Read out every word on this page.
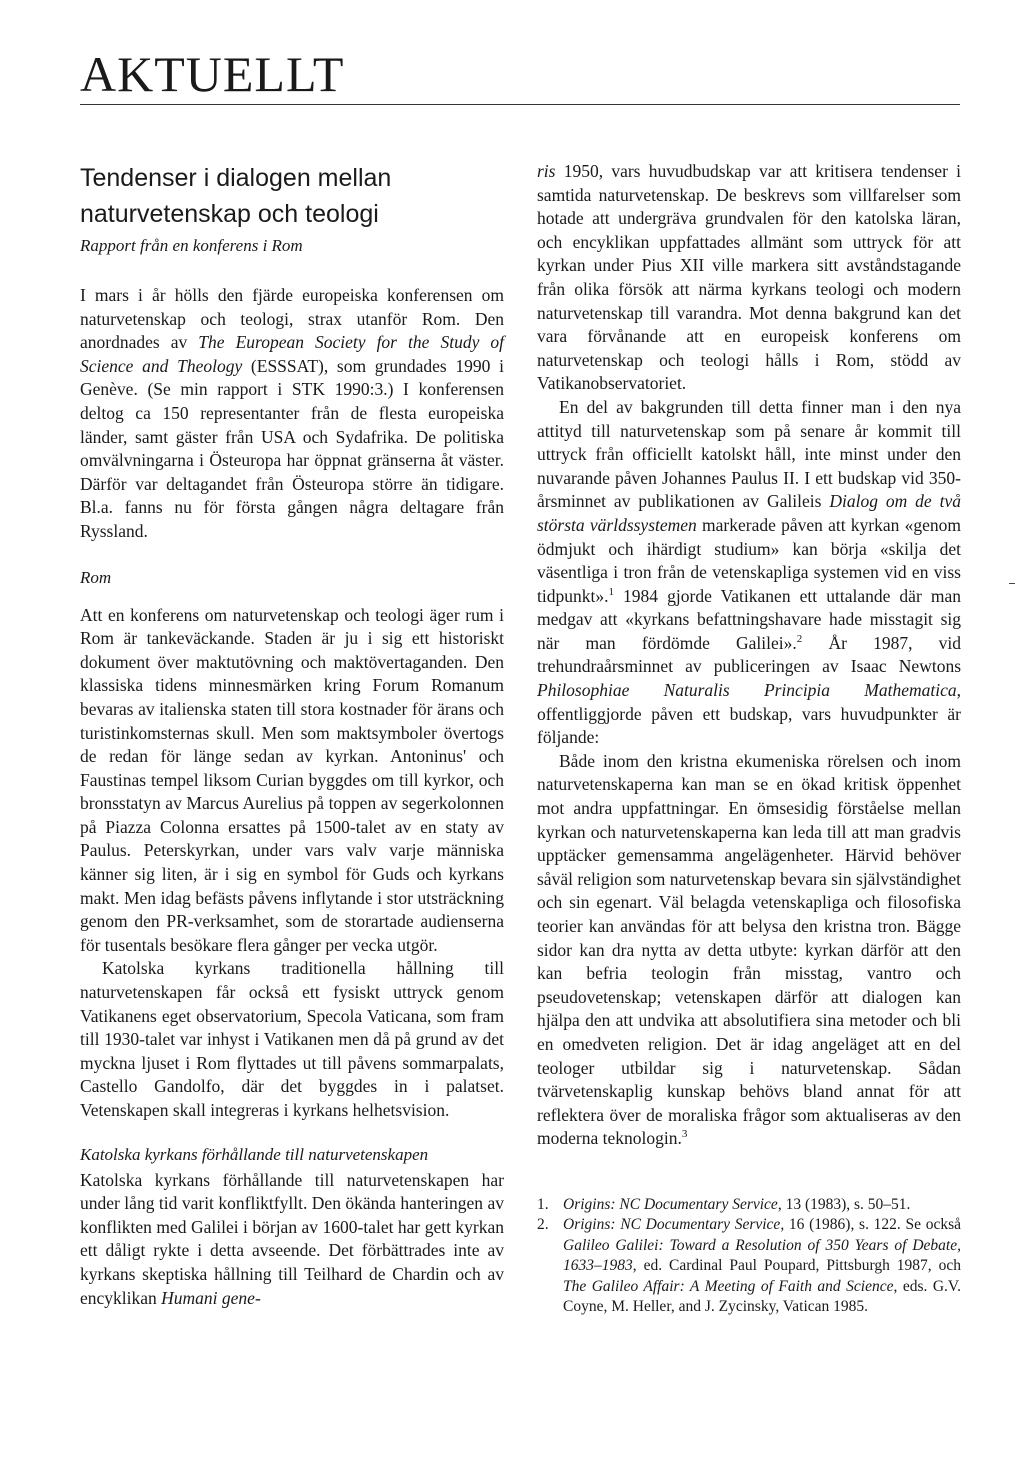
AKTUELLT
Tendenser i dialogen mellan
naturvetenskap och teologi

Rapport från en konferens i Rom

I mars i år hölls den fjärde europeiska konferensen om naturvetenskap och teologi, strax utanför Rom. Den anordnades av The European Society for the Study of Science and Theology (ESSSAT), som grundades 1990 i Genève. (Se min rapport i STK 1990:3.) I konferensen deltog ca 150 representanter från de flesta europeiska länder, samt gäster från USA och Sydafrika. De politiska omvälvningarna i Östeuropa har öppnat gränserna åt väster. Därför var deltagandet från Östeuropa större än tidigare. Bl.a. fanns nu för första gången några deltagare från Ryssland.

Rom

Att en konferens om naturvetenskap och teologi äger rum i Rom är tankeväckande. Staden är ju i sig ett historiskt dokument över maktutövning och maktövertaganden. Den klassiska tidens minnesmärken kring Forum Romanum bevaras av italienska staten till stora kostnader för ärans och turistinkomsternas skull. Men som maktsymboler övertogs de redan för länge sedan av kyrkan. Antoninus' och Faustinas tempel liksom Curian byggdes om till kyrkor, och bronsstatyn av Marcus Aurelius på toppen av segerkolonnen på Piazza Colonna ersattes på 1500-talet av en staty av Paulus. Peterskyrkan, under vars valv varje människa känner sig liten, är i sig en symbol för Guds och kyrkans makt. Men idag befästs påvens inflytande i stor utsträckning genom den PR-verksamhet, som de storartade audienserna för tusentals besökare flera gånger per vecka utgör.

Katolska kyrkans traditionella hållning till naturvetenskapen får också ett fysiskt uttryck genom Vatikanens eget observatorium, Specola Vaticana, som fram till 1930-talet var inhyst i Vatikanen men då på grund av det myckna ljuset i Rom flyttades ut till påvens sommarpalats, Castello Gandolfo, där det byggdes in i palatset. Vetenskapen skall integreras i kyrkans helhetsvision.

Katolska kyrkans förhållande till naturvetenskapen

Katolska kyrkans förhållande till naturvetenskapen har under lång tid varit konfliktfyllt. Den ökända hanteringen av konflikten med Galilei i början av 1600-talet har gett kyrkan ett dåligt rykte i detta avseende. Det förbättrades inte av kyrkans skeptiska hållning till Teilhard de Chardin och av encyklikan Humani gene-

ris 1950, vars huvudbudskap var att kritisera tendenser i samtida naturvetenskap. De beskrevs som villfarelser som hotade att undergräva grundvalen för den katolska läran, och encyklikan uppfattades allmänt som uttryck för att kyrkan under Pius XII ville markera sitt avståndstagande från olika försök att närma kyrkans teologi och modern naturvetenskap till varandra. Mot denna bakgrund kan det vara förvånande att en europeisk konferens om naturvetenskap och teologi hålls i Rom, stödd av Vatikanobservatoriet.

En del av bakgrunden till detta finner man i den nya attityd till naturvetenskap som på senare år kommit till uttryck från officiellt katolskt håll, inte minst under den nuvarande påven Johannes Paulus II. I ett budskap vid 350-årsminnet av publikationen av Galileis Dialog om de två största världssystemen markerade påven att kyrkan «genom ödmjukt och ihärdigt studium» kan börja «skilja det väsentliga i tron från de vetenskapliga systemen vid en viss tidpunkt».$^1$ 1984 gjorde Vatikanen ett uttalande där man medgav att «kyrkans befattningshavare hade misstagit sig när man fördömde Galilei».$^2$ År 1987, vid trehundraårsminnet av publiceringen av Isaac Newtons Philosophiae Naturalis Principia Mathematica, offentliggjorde påven ett budskap, vars huvudpunkter är följande:

Både inom den kristna ekumeniska rörelsen och inom naturvetenskaperna kan man se en ökad kritisk öppenhet mot andra uppfattningar. En ömsesidig förståelse mellan kyrkan och naturvetenskaperna kan leda till att man gradvis upptäcker gemensamma angelägenheter. Härvid behöver såväl religion som naturvetenskap bevara sin självständighet och sin egenart. Väl belagda vetenskapliga och filosofiska teorier kan användas för att belysa den kristna tron. Bägge sidor kan dra nytta av detta utbyte: kyrkan därför att den kan befria teologin från misstag, vantro och pseudovetenskap; vetenskapen därför att dialogen kan hjälpa den att undvika att absolutifiera sina metoder och bli en omedveten religion. Det är idag angeläget att en del teologer utbildar sig i naturvetenskap. Sådan tvärvetenskaplig kunskap behövs bland annat för att reflektera över de moraliska frågor som aktualiseras av den moderna teknologin.$^3$

1. Origins: NC Documentary Service, 13 (1983), s. 50–51.
2. Origins: NC Documentary Service, 16 (1986), s. 122. Se också Galileo Galilei: Toward a Resolution of 350 Years of Debate, 1633–1983, ed. Cardinal Paul Poupard, Pittsburgh 1987, och The Galileo Affair: A Meeting of Faith and Science, eds. G.V. Coyne, M. Heller, and J. Zycinsky, Vatican 1985.
